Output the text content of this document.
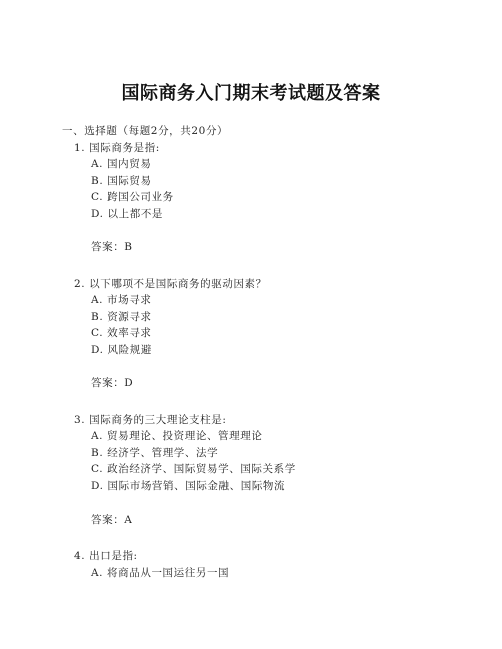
国际商务入门期末考试题及答案
一、选择题（每题2分，共20分）
1. 国际商务是指:
A. 国内贸易
B. 国际贸易
C. 跨国公司业务
D. 以上都不是
答案：B
2. 以下哪项不是国际商务的驱动因素？
A. 市场寻求
B. 资源寻求
C. 效率寻求
D. 风险规避
答案：D
3. 国际商务的三大理论支柱是:
A. 贸易理论、投资理论、管理理论
B. 经济学、管理学、法学
C. 政治经济学、国际贸易学、国际关系学
D. 国际市场营销、国际金融、国际物流
答案：A
4. 出口是指:
A. 将商品从一国运往另一国
